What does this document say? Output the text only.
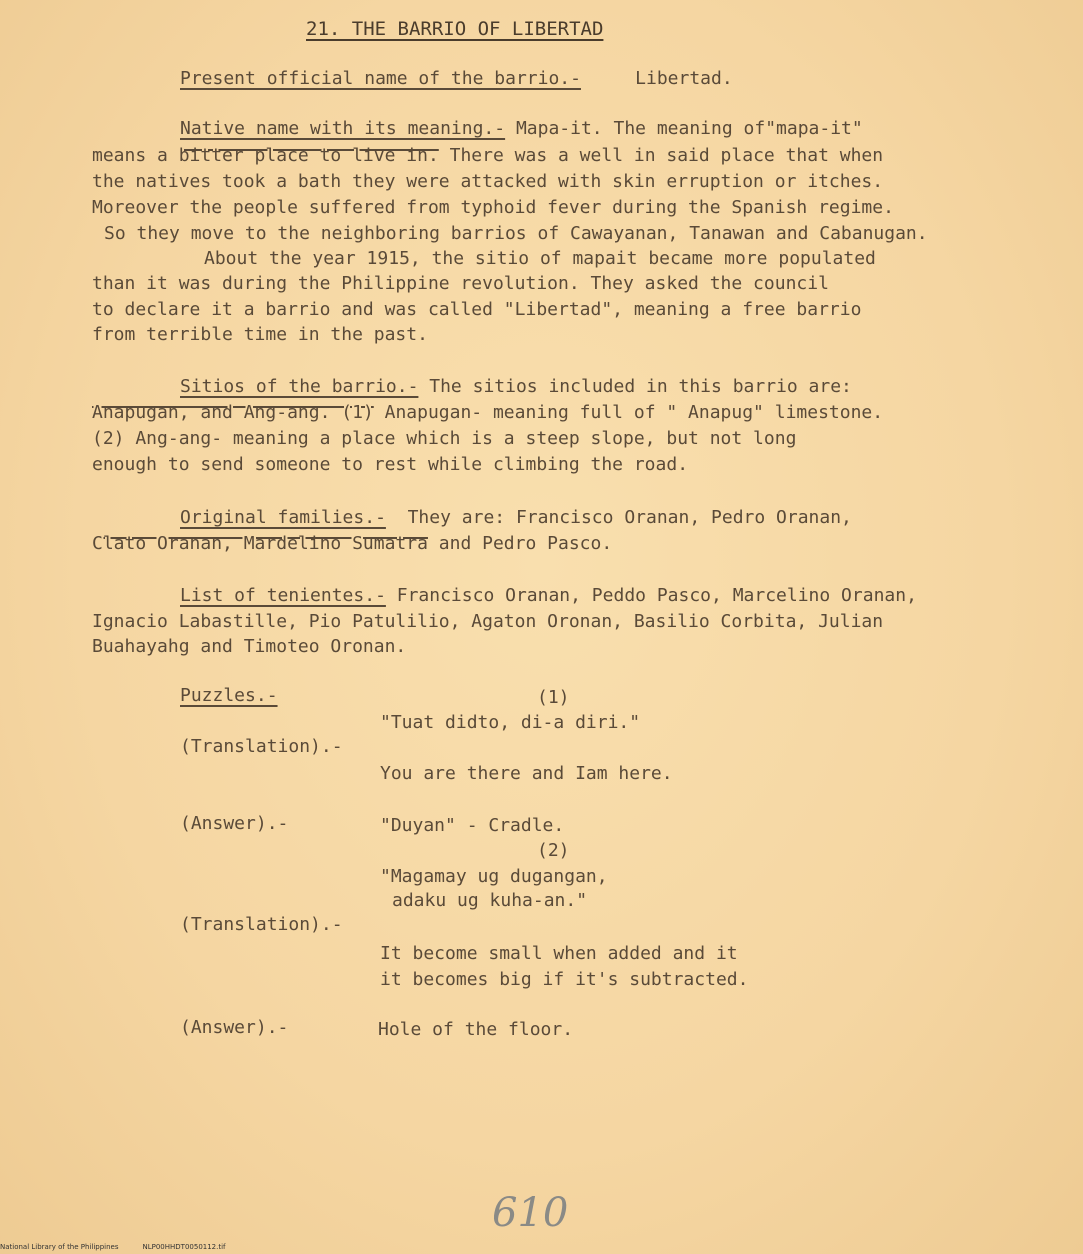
21. THE BARRIO OF LIBERTAD
Present official name of the barrio.-	Libertad.
Native name with its meaning.- Mapa-it. The meaning of"mapa-it"
means a bitter place to live in. There was a well in said place that when
the natives took a bath they were attacked with skin erruption or itches.
Moreover the people suffered from typhoid fever during the Spanish regime.
So they move to the neighboring barrios of Cawayanan, Tanawan and Cabanugan.
About the year 1915, the sitio of mapait became more populated
than it was during the Philippine revolution. They asked the council
to declare it a barrio and was called "Libertad", meaning a free barrio
from terrible time in the past.
Sitios of the barrio.- The sitios included in this barrio are:
Anapugan, and Ang-ang. (1) Anapugan- meaning full of " Anapug" limestone.
(2) Ang-ang- meaning a place which is a steep slope, but not long
enough to send someone to rest while climbing the road.
Original families.-  They are: Francisco Oranan, Pedro Oranan,
Clato Oranan, Mardelino Sumatra and Pedro Pasco.
List of tenientes.- Francisco Oranan, Peddo Pasco, Marcelino Oranan,
Ignacio Labastille, Pio Patulilio, Agaton Oronan, Basilio Corbita, Julian
Buahayahg and Timoteo Oronan.
Puzzles.-	(1)
"Tuat didto, di-a diri."
(Translation).-
You are there and Iam here.
(Answer).-	"Duyan" - Cradle.
(2)
"Magamay ug dugangan,
adaku ug kuha-an."
(Translation).-
It become small when added and it
it becomes big if it's subtracted.
(Answer).-	Hole of the floor.
610
National Library of the Philippines	NLP00HHDT0050112.tif
